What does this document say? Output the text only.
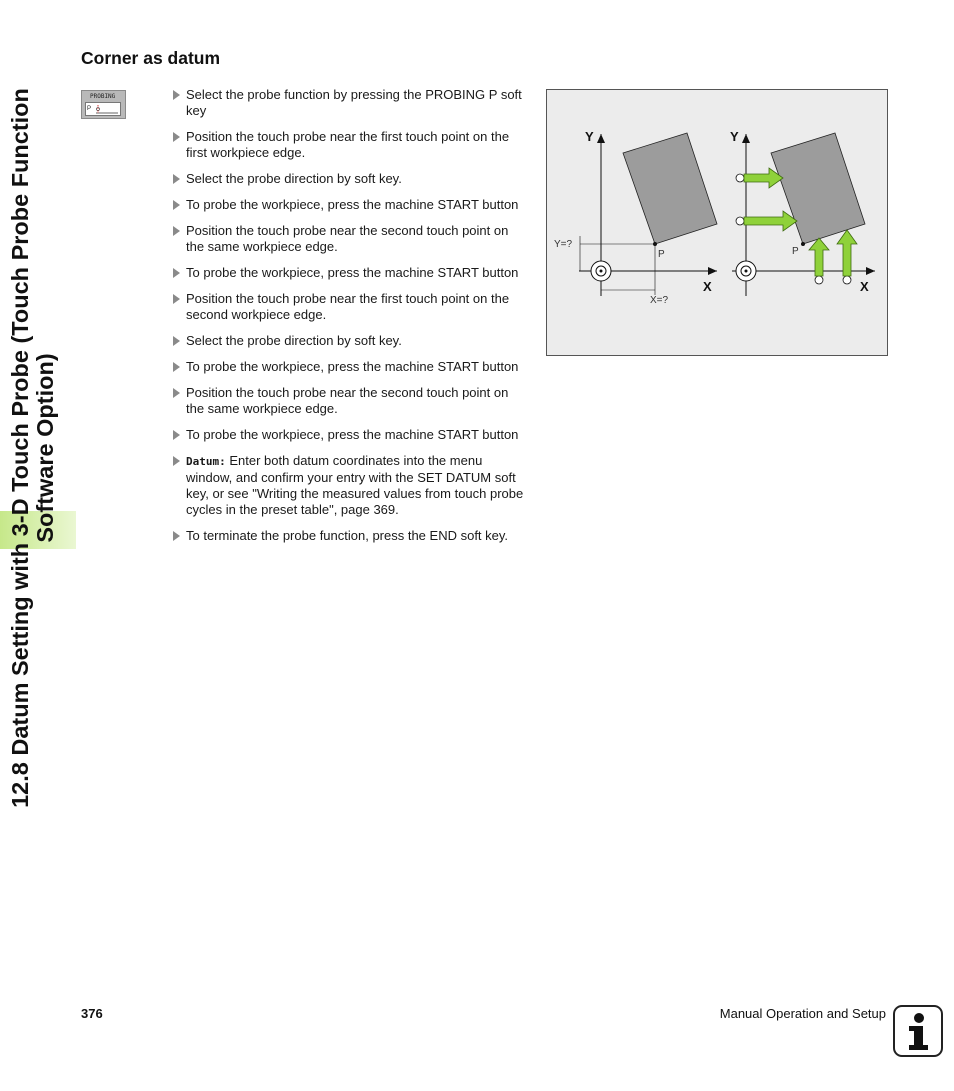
12.8 Datum Setting with 3-D Touch Probe (Touch Probe Function Software Option)
Corner as datum
PROBING
P
Select the probe function by pressing the PROBING P soft key
Position the touch probe near the first touch point on the first workpiece edge.
Select the probe direction by soft key.
To probe the workpiece, press the machine START button
Position the touch probe near the second touch point on the same workpiece edge.
To probe the workpiece, press the machine START button
Position the touch probe near the first touch point on the second workpiece edge.
Select the probe direction by soft key.
To probe the workpiece, press the machine START button
Position the touch probe near the second touch point on the same workpiece edge.
To probe the workpiece, press the machine START button
Datum: Enter both datum coordinates into the menu window, and confirm your entry with the SET DATUM soft key, or see "Writing the measured values from touch probe cycles in the preset table", page 369.
To terminate the probe function, press the END soft key.
Y
X
Y=?
X=?
P
Y
X
P
376	Manual Operation and Setup
